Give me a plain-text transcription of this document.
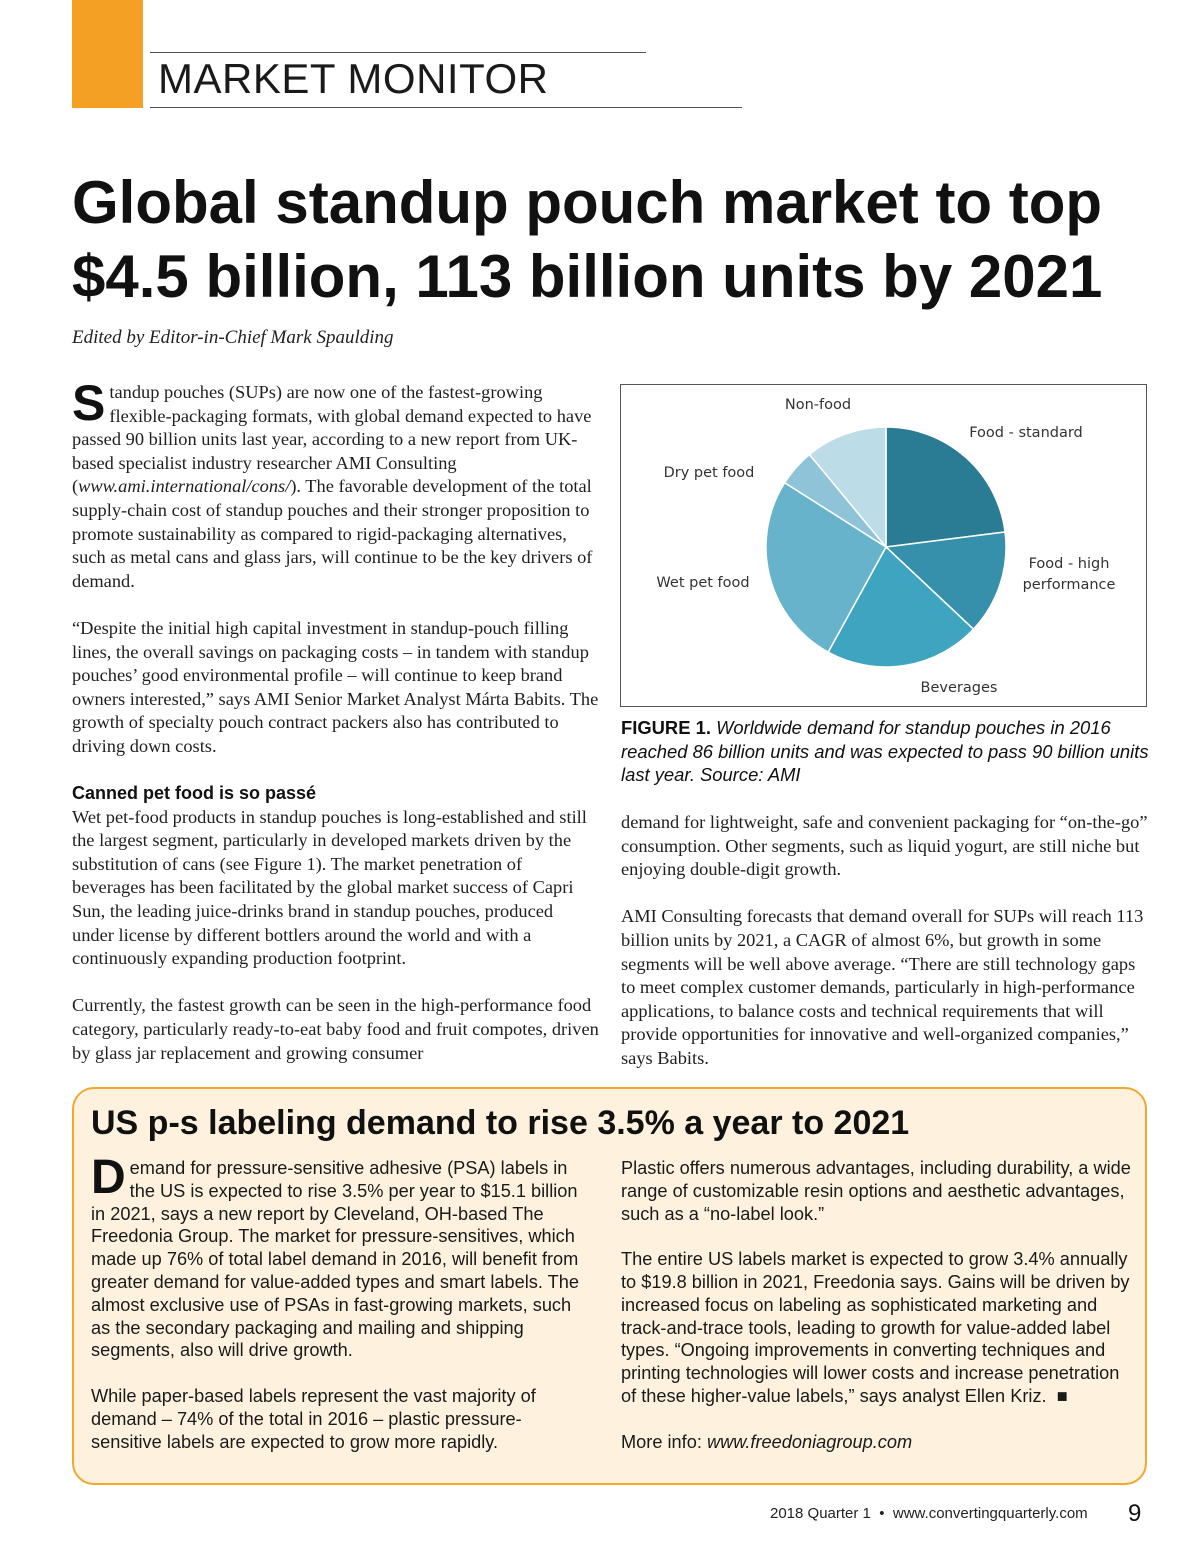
MARKET MONITOR
Global standup pouch market to top $4.5 billion, 113 billion units by 2021
Edited by Editor-in-Chief Mark Spaulding

Standup pouches (SUPs) are now one of the fastest-growing flexible-packaging formats, with global demand expected to have passed 90 billion units last year, according to a new report from UK-based specialist industry researcher AMI Consulting (www.ami.international/cons/). The favorable development of the total supply-chain cost of standup pouches and their stronger proposition to promote sustainability as compared to rigid-packaging alternatives, such as metal cans and glass jars, will continue to be the key drivers of demand.

“Despite the initial high capital investment in standup-pouch filling lines, the overall savings on packaging costs – in tandem with standup pouches’ good environmental profile – will continue to keep brand owners interested,” says AMI Senior Market Analyst Márta Babits. The growth of specialty pouch contract packers also has contributed to driving down costs.

Canned pet food is so passé
Wet pet-food products in standup pouches is long-established and still the largest segment, particularly in developed markets driven by the substitution of cans (see Figure 1). The market penetration of beverages has been facilitated by the global market success of Capri Sun, the leading juice-drinks brand in standup pouches, produced under license by different bottlers around the world and with a continuously expanding production footprint.

Currently, the fastest growth can be seen in the high-performance food category, particularly ready-to-eat baby food and fruit compotes, driven by glass jar replacement and growing consumer

Food - standard
Food - high performance
Beverages
Wet pet food
Dry pet food
Non-food
FIGURE 1. Worldwide demand for standup pouches in 2016 reached 86 billion units and was expected to pass 90 billion units last year. Source: AMI

demand for lightweight, safe and convenient packaging for “on-the-go” consumption. Other segments, such as liquid yogurt, are still niche but enjoying double-digit growth.

AMI Consulting forecasts that demand overall for SUPs will reach 113 billion units by 2021, a CAGR of almost 6%, but growth in some segments will be well above average. “There are still technology gaps to meet complex customer demands, particularly in high-performance applications, to balance costs and technical requirements that will provide opportunities for innovative and well-organized companies,” says Babits.

US p-s labeling demand to rise 3.5% a year to 2021

Demand for pressure-sensitive adhesive (PSA) labels in the US is expected to rise 3.5% per year to $15.1 billion in 2021, says a new report by Cleveland, OH-based The Freedonia Group. The market for pressure-sensitives, which made up 76% of total label demand in 2016, will benefit from greater demand for value-added types and smart labels. The almost exclusive use of PSAs in fast-growing markets, such as the secondary packaging and mailing and shipping segments, also will drive growth.

While paper-based labels represent the vast majority of demand – 74% of the total in 2016 – plastic pressure-sensitive labels are expected to grow more rapidly.

Plastic offers numerous advantages, including durability, a wide range of customizable resin options and aesthetic advantages, such as a “no-label look.”

The entire US labels market is expected to grow 3.4% annually to $19.8 billion in 2021, Freedonia says. Gains will be driven by increased focus on labeling as sophisticated marketing and track-and-trace tools, leading to growth for value-added label types. “Ongoing improvements in converting techniques and printing technologies will lower costs and increase penetration of these higher-value labels,” says analyst Ellen Kriz. ■

More info: www.freedoniagroup.com

2018 Quarter 1 • www.convertingquarterly.com 9
